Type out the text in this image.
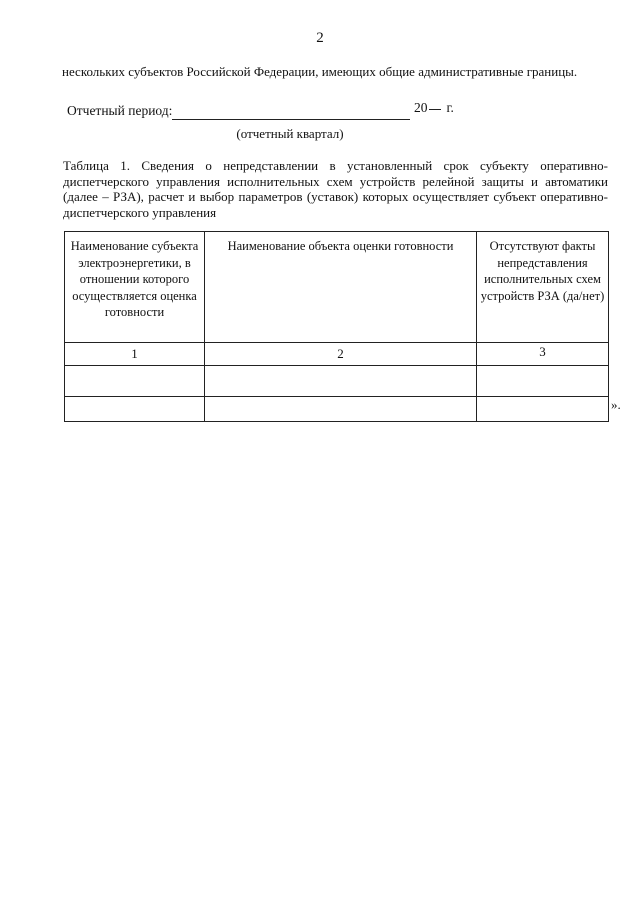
2
нескольких субъектов Российской Федерации, имеющих общие административные границы.
Отчетный период:	20 г.
(отчетный квартал)
Таблица 1. Сведения о непредставлении в установленный срок субъекту оперативно-диспетчерского управления исполнительных схем устройств релейной защиты и автоматики (далее – РЗА), расчет и выбор параметров (уставок) которых осуществляет субъект оперативно-диспетчерского управления
Наименование субъекта электроэнергетики, в отношении которого осуществляется оценка готовности	Наименование объекта оценки готовности	Отсутствуют факты непредставления исполнительных схем устройств РЗА (да/нет)
1	2	3

».
